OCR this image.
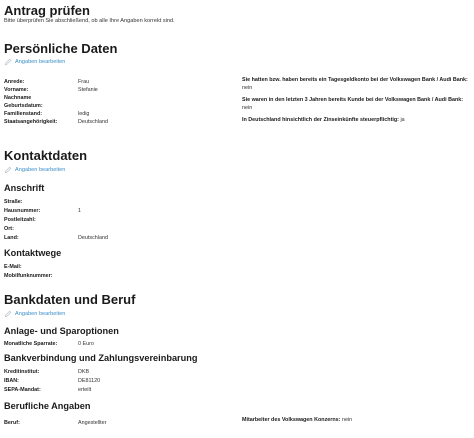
Antrag prüfen
Bitte überprüfen Sie abschließend, ob alle Ihre Angaben korrekt sind.
Persönliche Daten
Angaben bearbeiten
Anrede:	Frau
Vorname:	Stefanie
Nachname
Geburtsdatum:
Familienstand:	ledig
Staatsangehörigkeit:	Deutschland
Sie hatten bzw. haben bereits ein Tagesgeldkonto bei der Volkswagen Bank / Audi Bank:
nein
Sie waren in den letzten 3 Jahren bereits Kunde bei der Volkswagen Bank / Audi Bank:
nein
In Deutschland hinsichtlich der Zinseinkünfte steuerpflichtig: ja
Kontaktdaten
Angaben bearbeiten
Anschrift
Straße:
Hausnummer:	1
Postleitzahl:
Ort:
Land:	Deutschland
Kontaktwege
E-Mail:
Mobilfunknummer:
Bankdaten und Beruf
Angaben bearbeiten
Anlage- und Sparoptionen
Monatliche Sparrate:	0 Euro
Bankverbindung und Zahlungsvereinbarung
Kreditinstitut:	DKB
IBAN:	DE81120
SEPA-Mandat:	erteilt
Berufliche Angaben
Beruf:	Angestellter	Mitarbeiter des Volkswagen Konzerns: nein
